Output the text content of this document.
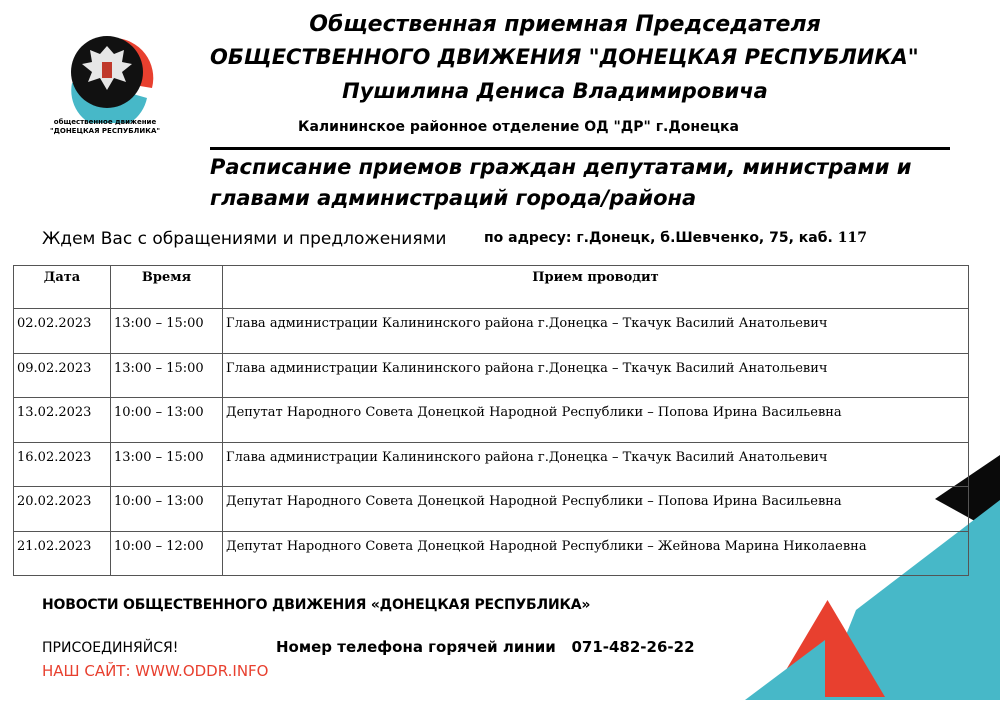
общественное движение
"ДОНЕЦКАЯ РЕСПУБЛИКА"
Общественная приемная Председателя
ОБЩЕСТВЕННОГО ДВИЖЕНИЯ "ДОНЕЦКАЯ РЕСПУБЛИКА"
Пушилина Дениса Владимировича
Калининское районное отделение ОД "ДР" г.Донецка
Расписание приемов граждан депутатами, министрами и главами администраций города/района
Ждем Вас с обращениями и предложениями	по адресу: г.Донецк, б.Шевченко, 75, каб. 117
Дата	Время	Прием проводит
02.02.2023	13:00 – 15:00	Глава администрации Калининского района г.Донецка – Ткачук Василий Анатольевич
09.02.2023	13:00 – 15:00	Глава администрации Калининского района г.Донецка – Ткачук Василий Анатольевич
13.02.2023	10:00 – 13:00	Депутат Народного Совета Донецкой Народной Республики – Попова Ирина Васильевна
16.02.2023	13:00 – 15:00	Глава администрации Калининского района г.Донецка – Ткачук Василий Анатольевич
20.02.2023	10:00 – 13:00	Депутат Народного Совета Донецкой Народной Республики – Попова Ирина Васильевна
21.02.2023	10:00 – 12:00	Депутат Народного Совета Донецкой Народной Республики – Жейнова Марина Николаевна
НОВОСТИ ОБЩЕСТВЕННОГО ДВИЖЕНИЯ «ДОНЕЦКАЯ РЕСПУБЛИКА»
ПРИСОЕДИНЯЙСЯ!	Номер телефона горячей линии 071-482-26-22
НАШ САЙТ: WWW.ODDR.INFO
